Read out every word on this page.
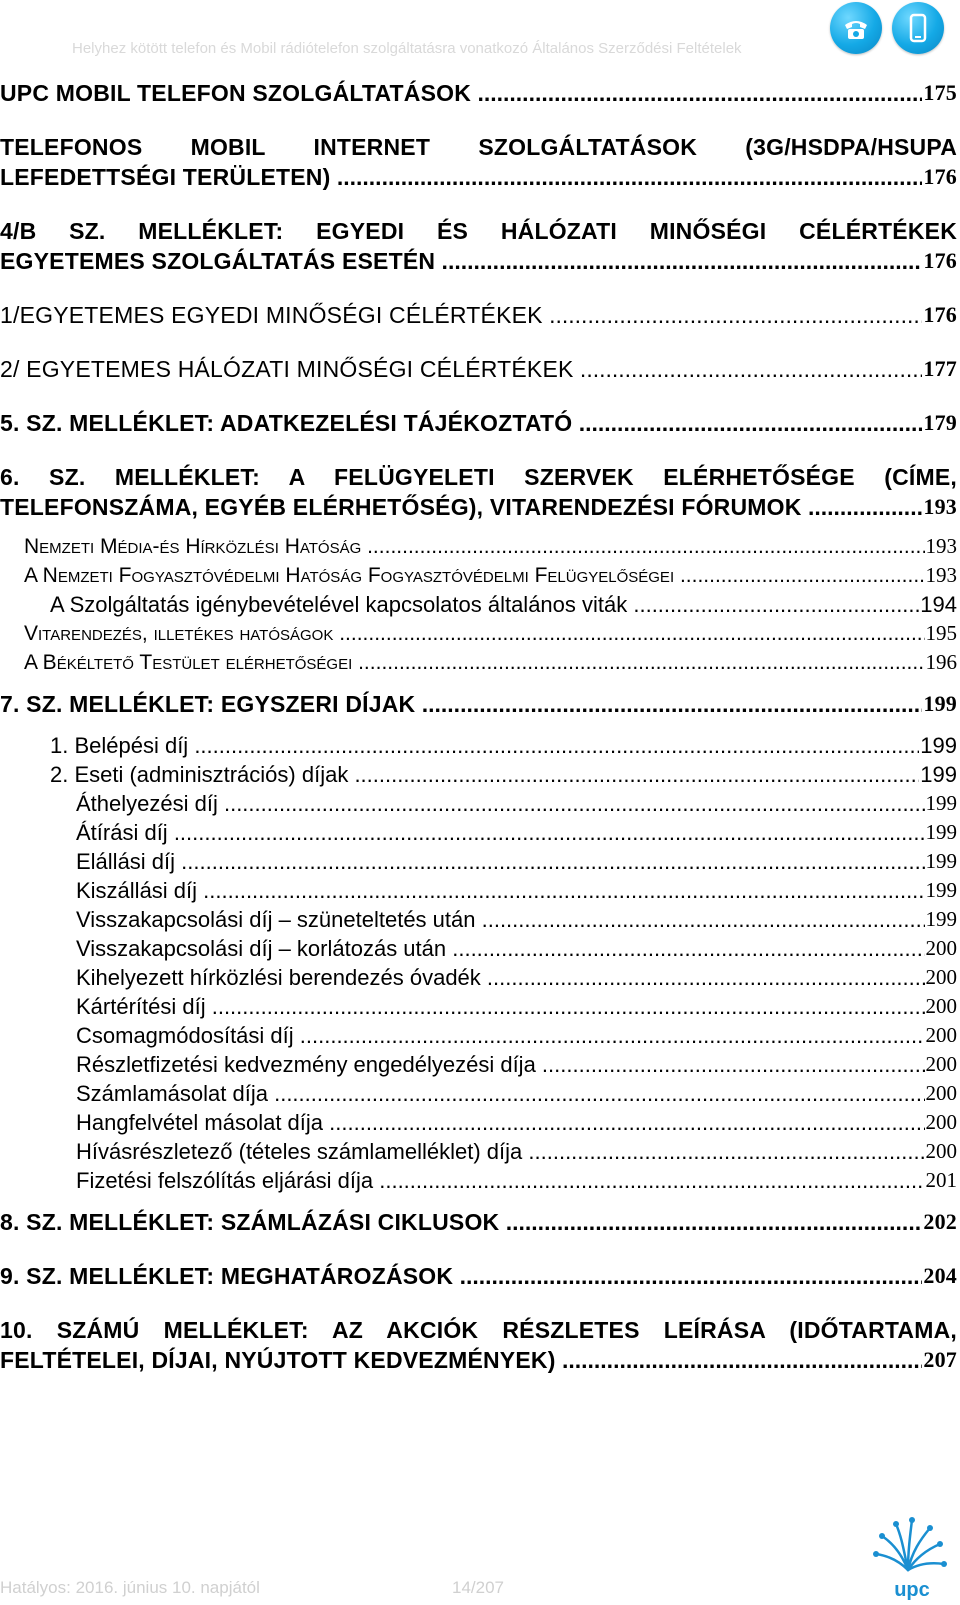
Helyhez kötött telefon és Mobil rádiótelefon szolgáltatásra vonatkozó Általános Szerződési Feltételek
UPC MOBIL TELEFON SZOLGÁLTATÁSOK .....	175
TELEFONOS MOBIL INTERNET SZOLGÁLTATÁSOK (3G/HSDPA/HSUPA
LEFEDETTSÉGI TERÜLETEN) .....	176
4/B SZ. MELLÉKLET: EGYEDI ÉS HÁLÓZATI MINŐSÉGI CÉLÉRTÉKEK
EGYETEMES SZOLGÁLTATÁS ESETÉN .....	176
1/EGYETEMES EGYEDI MINŐSÉGI CÉLÉRTÉKEK .....	176
2/ EGYETEMES HÁLÓZATI MINŐSÉGI CÉLÉRTÉKEK .....	177
5. SZ. MELLÉKLET: ADATKEZELÉSI TÁJÉKOZTATÓ .....	179
6. SZ. MELLÉKLET: A FELÜGYELETI SZERVEK ELÉRHETŐSÉGE (CÍME,
TELEFONSZÁMA, EGYÉB ELÉRHETŐSÉG), VITARENDEZÉSI FÓRUMOK .....	193
Nemzeti Média-és Hírközlési Hatóság .....	193
A Nemzeti Fogyasztóvédelmi Hatóság Fogyasztóvédelmi Felügyelőségei .....	193
A Szolgáltatás igénybevételével kapcsolatos általános viták .....	194
Vitarendezés, illetékes hatóságok .....	195
A Békéltető Testület elérhetőségei .....	196
7. SZ. MELLÉKLET: EGYSZERI DÍJAK .....	199
1. Belépési díj .....	199
2. Eseti (adminisztrációs) díjak .....	199
Áthelyezési díj .....	199
Átírási díj .....	199
Elállási díj .....	199
Kiszállási díj .....	199
Visszakapcsolási díj – szüneteltetés után .....	199
Visszakapcsolási díj – korlátozás után .....	200
Kihelyezett hírközlési berendezés óvadék .....	200
Kártérítési díj .....	200
Csomagmódosítási díj .....	200
Részletfizetési kedvezmény engedélyezési díja .....	200
Számlamásolat díja .....	200
Hangfelvétel másolat díja .....	200
Hívásrészletező (tételes számlamelléklet) díja .....	200
Fizetési felszólítás eljárási díja .....	201
8. SZ. MELLÉKLET: SZÁMLÁZÁSI CIKLUSOK .....	202
9. SZ. MELLÉKLET: MEGHATÁROZÁSOK .....	204
10. SZÁMÚ MELLÉKLET: AZ AKCIÓK RÉSZLETES LEÍRÁSA (IDŐTARTAMA,
FELTÉTELEI, DÍJAI, NYÚJTOTT KEDVEZMÉNYEK) .....	207
Hatályos: 2016. június 10. napjától	14/207	upc
